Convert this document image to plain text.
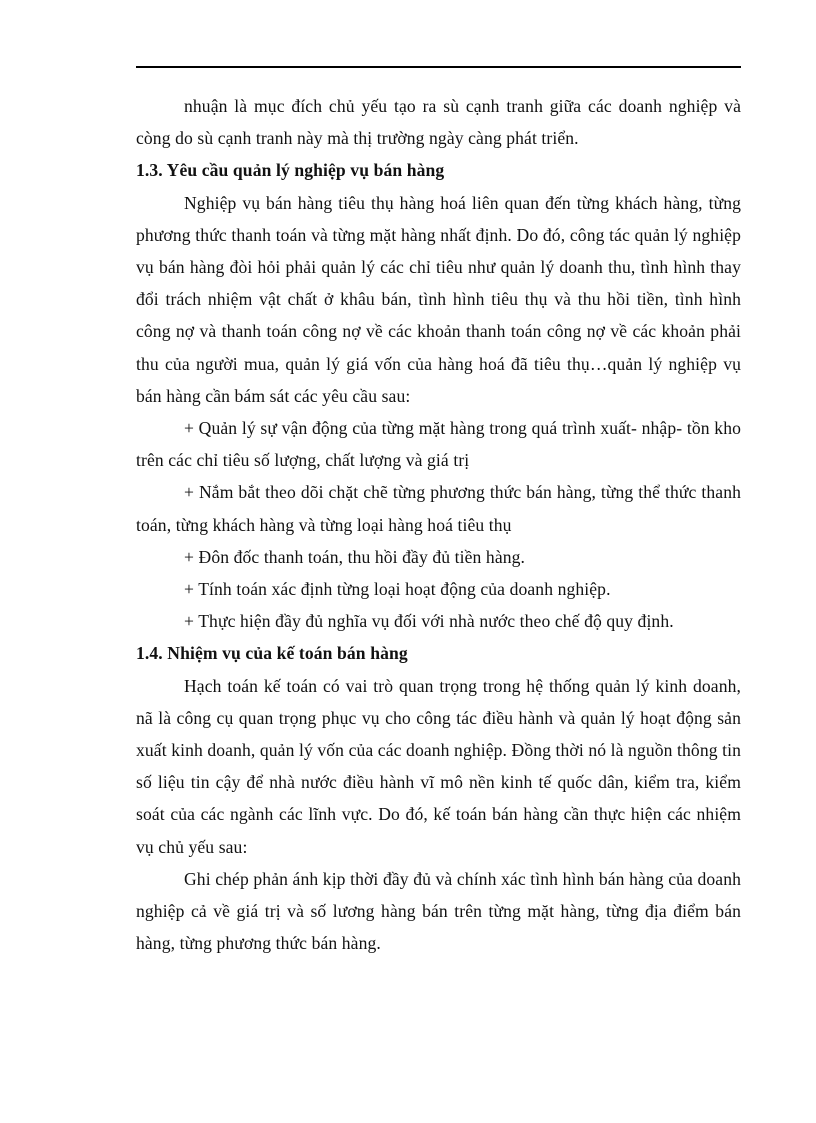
nhuận là mục đích chủ yếu tạo ra sù cạnh tranh giữa các doanh nghiệp và còng do sù cạnh tranh này mà thị trường ngày càng phát triển.

1.3. Yêu cầu quản lý nghiệp vụ bán hàng

Nghiệp vụ bán hàng tiêu thụ hàng hoá liên quan đến từng khách hàng, từng phương thức thanh toán và từng mặt hàng nhất định. Do đó, công tác quản lý nghiệp vụ bán hàng đòi hỏi phải quản lý các chỉ tiêu như quản lý doanh thu, tình hình thay đổi trách nhiệm vật chất ở khâu bán, tình hình tiêu thụ và thu hồi tiền, tình hình công nợ và thanh toán công nợ về các khoản thanh toán công nợ về các khoản phải thu của người mua, quản lý giá vốn của hàng hoá đã tiêu thụ…quản lý nghiệp vụ bán hàng cần bám sát các yêu cầu sau:

+ Quản lý sự vận động của từng mặt hàng trong quá trình xuất- nhập- tồn kho trên các chỉ tiêu số lượng, chất lượng và giá trị

+ Nắm bắt theo dõi chặt chẽ từng phương thức bán hàng, từng thể thức thanh toán, từng khách hàng và từng loại hàng hoá tiêu thụ

+ Đôn đốc thanh toán, thu hồi đầy đủ tiền hàng.

+ Tính toán xác định từng loại hoạt động của doanh nghiệp.

+ Thực hiện đầy đủ nghĩa vụ đối với nhà nước theo chế độ quy định.

1.4. Nhiệm vụ của kế toán bán hàng

Hạch toán kế toán có vai trò quan trọng trong hệ thống quản lý kinh doanh, nã là công cụ quan trọng phục vụ cho công tác điều hành và quản lý hoạt động sản xuất kinh doanh, quản lý vốn của các doanh nghiệp. Đồng thời nó là nguồn thông tin số liệu tin cậy để nhà nước điều hành vĩ mô nền kinh tế quốc dân, kiểm tra, kiểm soát của các ngành các lĩnh vực. Do đó, kế toán bán hàng cần thực hiện các nhiệm vụ chủ yếu sau:

Ghi chép phản ánh kịp thời đầy đủ và chính xác tình hình bán hàng của doanh nghiệp cả về giá trị và số lương hàng bán trên từng mặt hàng, từng địa điểm bán hàng, từng phương thức bán hàng.
